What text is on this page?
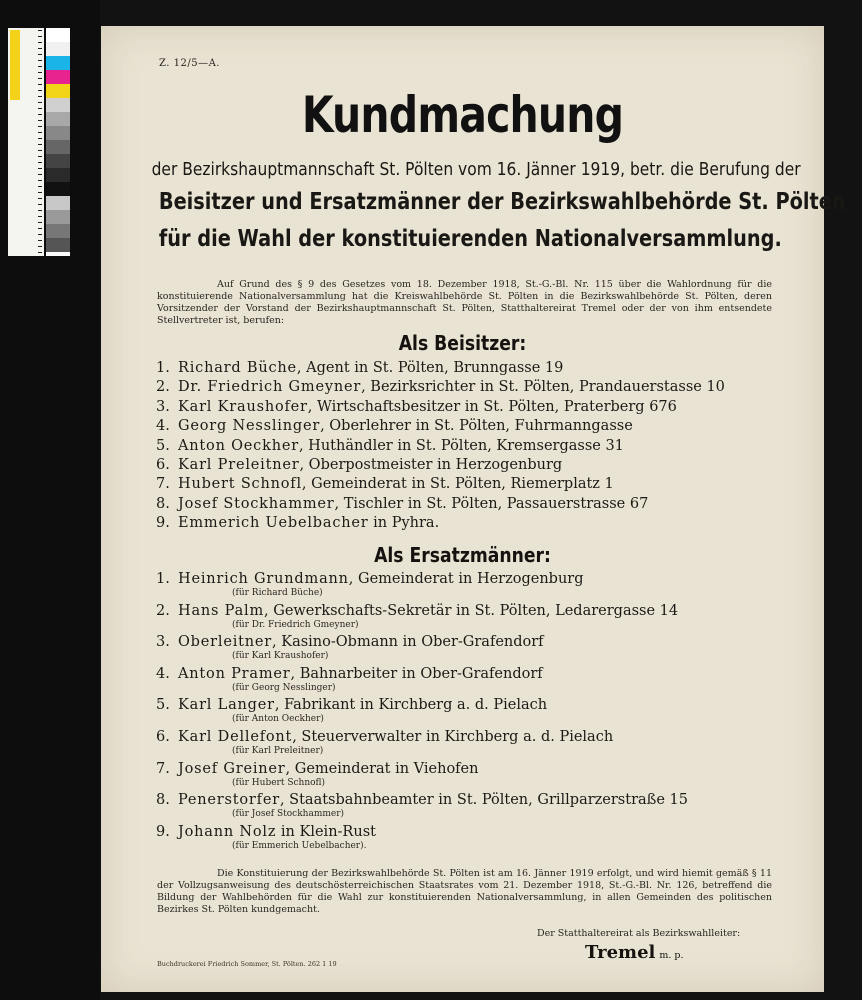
Z. 12/5—A.
Kundmachung
der Bezirkshauptmannschaft St. Pölten vom 16. Jänner 1919, betr. die Berufung der
Beisitzer und Ersatzmänner der Bezirkswahlbehörde St. Pölten
für die Wahl der konstituierenden Nationalversammlung.
Auf Grund des § 9 des Gesetzes vom 18. Dezember 1918, St.-G.-Bl. Nr. 115 über die Wahlordnung für die konstituierende Nationalversammlung hat die Kreiswahlbehörde St. Pölten in die Bezirkswahlbehörde St. Pölten, deren Vorsitzender der Vorstand der Bezirkshauptmannschaft St. Pölten, Statthaltereirat Tremel oder der von ihm entsendete Stellvertreter ist, berufen:
Als Beisitzer:
1. Richard Büche, Agent in St. Pölten, Brunngasse 19
2. Dr. Friedrich Gmeyner, Bezirksrichter in St. Pölten, Prandauerstasse 10
3. Karl Kraushofer, Wirtschaftsbesitzer in St. Pölten, Praterberg 676
4. Georg Nesslinger, Oberlehrer in St. Pölten, Fuhrmanngasse
5. Anton Oeckher, Huthändler in St. Pölten, Kremsergasse 31
6. Karl Preleitner, Oberpostmeister in Herzogenburg
7. Hubert Schnofl, Gemeinderat in St. Pölten, Riemerplatz 1
8. Josef Stockhammer, Tischler in St. Pölten, Passauerstrasse 67
9. Emmerich Uebelbacher in Pyhra.
Als Ersatzmänner:
1. Heinrich Grundmann, Gemeinderat in Herzogenburg
(für Richard Büche)
2. Hans Palm, Gewerkschafts-Sekretär in St. Pölten, Ledarergasse 14
(für Dr. Friedrich Gmeyner)
3. Oberleitner, Kasino-Obmann in Ober-Grafendorf
(für Karl Kraushofer)
4. Anton Pramer, Bahnarbeiter in Ober-Grafendorf
(für Georg Nesslinger)
5. Karl Langer, Fabrikant in Kirchberg a. d. Pielach
(für Anton Oeckher)
6. Karl Dellefont, Steuerverwalter in Kirchberg a. d. Pielach
(für Karl Preleitner)
7. Josef Greiner, Gemeinderat in Viehofen
(für Hubert Schnofl)
8. Penerstorfer, Staatsbahnbeamter in St. Pölten, Grillparzerstraße 15
(für Josef Stockhammer)
9. Johann Nolz in Klein-Rust
(für Emmerich Uebelbacher).
Die Konstituierung der Bezirkswahlbehörde St. Pölten ist am 16. Jänner 1919 erfolgt, und wird hiemit gemäß § 11 der Vollzugsanweisung des deutschösterreichischen Staatsrates vom 21. Dezember 1918, St.-G.-Bl. Nr. 126, betreffend die Bildung der Wahlbehörden für die Wahl zur konstituierenden Nationalversammlung, in allen Gemeinden des politischen Bezirkes St. Pölten kundgemacht.
Der Statthaltereirat als Bezirkswahlleiter:
Tremel m. p.
Buchdruckerei Friedrich Sommer, St. Pölten. 262 1 19
